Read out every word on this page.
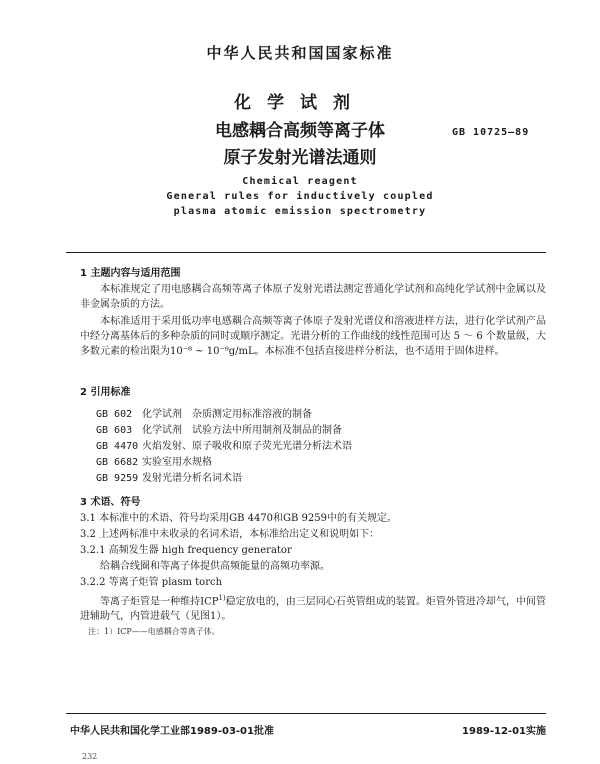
中华人民共和国国家标准
化学试剂
电感耦合高频等离子体
原子发射光谱法通则
GB 10725—89
Chemical reagent
General rules for inductively coupled
plasma atomic emission spectrometry
1 主题内容与适用范围
本标准规定了用电感耦合高频等离子体原子发射光谱法测定普通化学试剂和高纯化学试剂中金属以及非金属杂质的方法。
本标准适用于采用低功率电感耦合高频等离子体原子发射光谱仪和溶液进样方法，进行化学试剂产品中经分离基体后的多种杂质的同时或顺序测定。光谱分析的工作曲线的线性范围可达 5 ～ 6 个数量级，大多数元素的检出限为10⁻⁸ ~ 10⁻⁹g/mL。本标准不包括直接进样分析法，也不适用于固体进样。
2 引用标准
GB 602 化学试剂　杂质测定用标准溶液的制备
GB 603 化学试剂　试验方法中所用制剂及制品的制备
GB 4470 火焰发射、原子吸收和原子荧光光谱分析法术语
GB 6682 实验室用水规格
GB 9259 发射光谱分析名词术语
3 术语、符号
3.1 本标准中的术语、符号均采用GB 4470和GB 9259中的有关规定。
3.2 上述两标准中未收录的名词术语，本标准给出定义和说明如下：
3.2.1 高频发生器 high frequency generator
给耦合线圈和等离子体提供高频能量的高频功率源。
3.2.2 等离子炬管 plasm torch
等离子炬管是一种维持ICP$^{1)}$稳定放电的，由三层同心石英管组成的装置。炬管外管进冷却气，中间管进辅助气，内管进载气（见图1）。
注：1）ICP——电感耦合等离子体。
中华人民共和国化学工业部1989-03-01批准	1989-12-01实施
232
